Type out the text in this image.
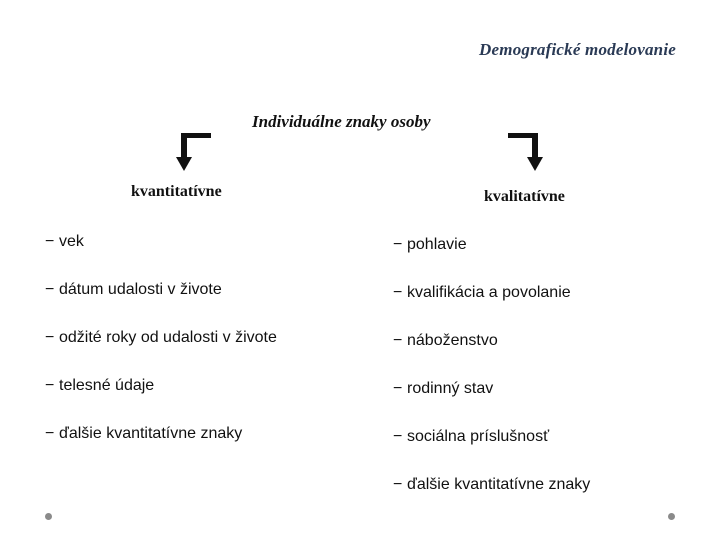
Demografické modelovanie
Individuálne znaky osoby
kvantitatívne	kvalitatívne
− vek
− dátum udalosti v živote
− odžité roky od udalosti v živote
− telesné údaje
− ďalšie kvantitatívne znaky
− pohlavie
− kvalifikácia a povolanie
− náboženstvo
− rodinný stav
− sociálna príslušnosť
− ďalšie kvantitatívne znaky
